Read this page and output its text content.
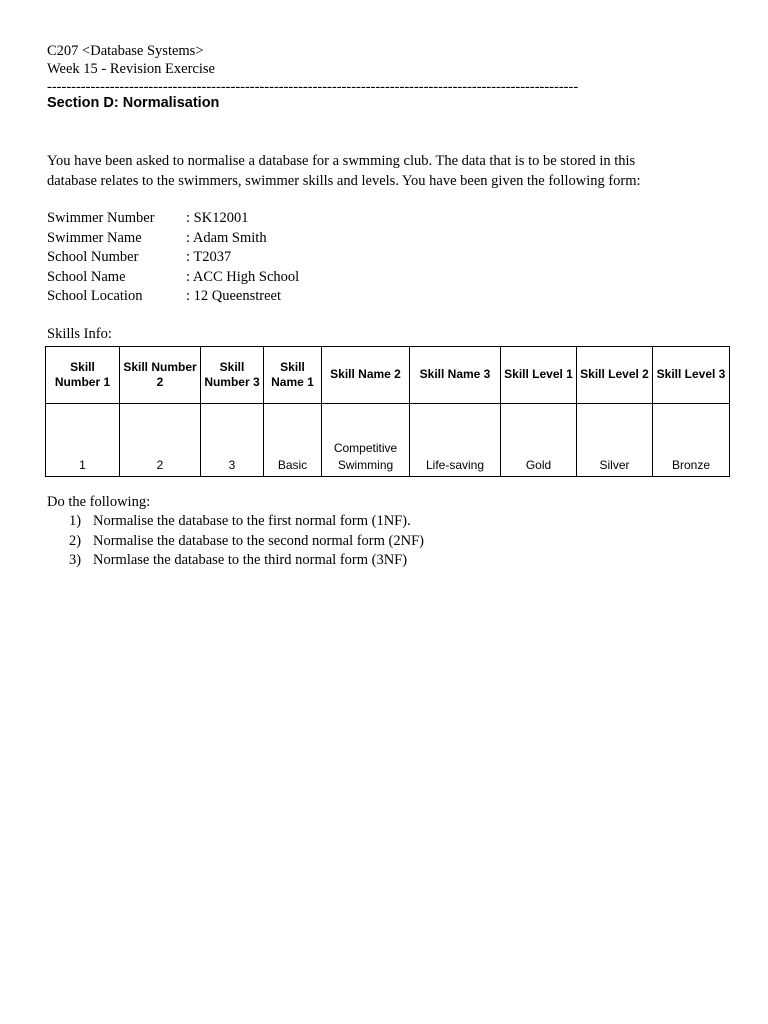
C207 <Database Systems>
Week 15 - Revision Exercise
--------------------------------------------------------------------------------------------------------------
Section D: Normalisation

You have been asked to normalise a database for a swmming club. The data that is to be stored in this

database relates to the swimmers, swimmer skills and levels. You have been given the following form:

Swimmer Number : SK12001
Swimmer Name	: Adam Smith
School Number	: T2037
School Name	: ACC High School
School Location	: 12 Queenstreet
Skills Info:
Skill Number 1	Skill Number 2	Skill Number 3	Skill Name 1	Skill Name 2	Skill Name 3	Skill Level 1	Skill Level 2	Skill Level 3
1	2	3	Basic	Competitive Swimming	Life-saving	Gold	Silver	Bronze
Do the following:
1) Normalise the database to the first normal form (1NF).
2) Normalise the database to the second normal form (2NF)
3) Normlase the database to the third normal form (3NF)
